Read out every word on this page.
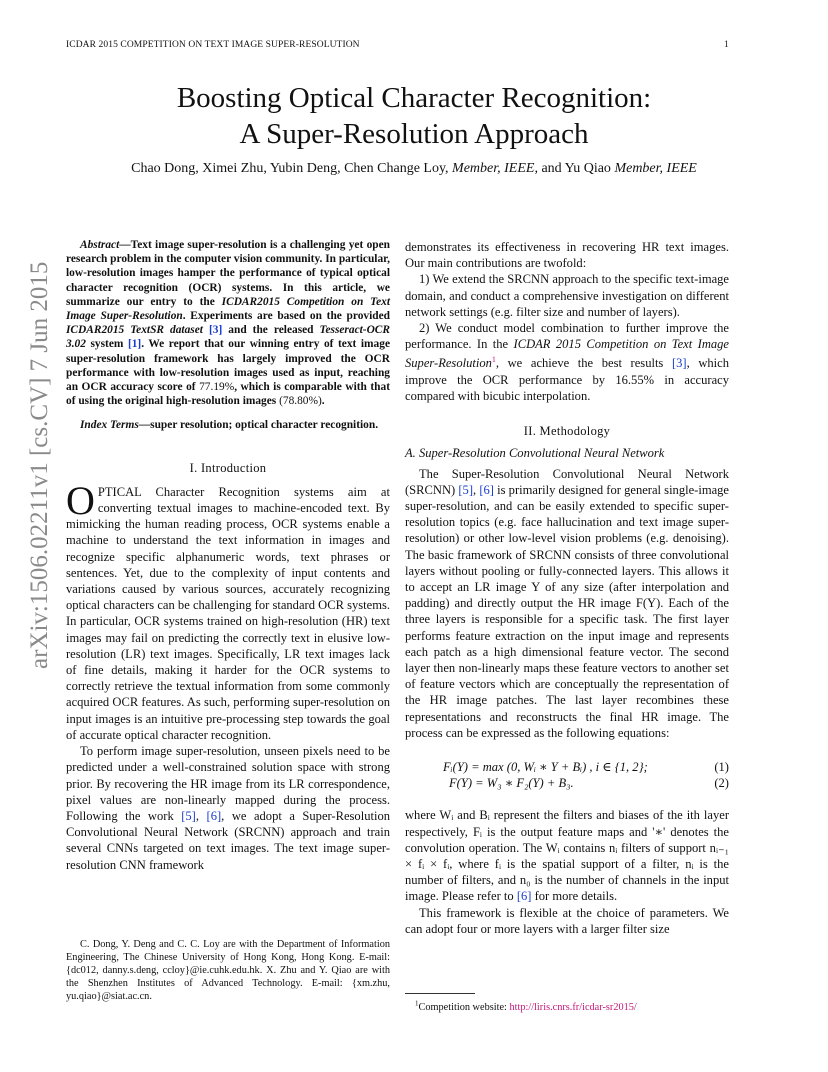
ICDAR 2015 COMPETITION ON TEXT IMAGE SUPER-RESOLUTION	1
arXiv:1506.02211v1 [cs.CV] 7 Jun 2015
Boosting Optical Character Recognition:
A Super-Resolution Approach
Chao Dong, Ximei Zhu, Yubin Deng, Chen Change Loy, Member, IEEE, and Yu Qiao Member, IEEE

Abstract—Text image super-resolution is a challenging yet open research problem in the computer vision community. In particular, low-resolution images hamper the performance of typical optical character recognition (OCR) systems. In this article, we summarize our entry to the ICDAR2015 Competition on Text Image Super-Resolution. Experiments are based on the provided ICDAR2015 TextSR dataset [3] and the released Tesseract-OCR 3.02 system [1]. We report that our winning entry of text image super-resolution framework has largely improved the OCR performance with low-resolution images used as input, reaching an OCR accuracy score of 77.19%, which is comparable with that of using the original high-resolution images (78.80%).

Index Terms—super resolution; optical character recognition.

I. Introduction

OPTICAL Character Recognition systems aim at converting textual images to machine-encoded text. By mimicking the human reading process, OCR systems enable a machine to understand the text information in images and recognize specific alphanumeric words, text phrases or sentences. Yet, due to the complexity of input contents and variations caused by various sources, accurately recognizing optical characters can be challenging for standard OCR systems. In particular, OCR systems trained on high-resolution (HR) text images may fail on predicting the correctly text in elusive low-resolution (LR) text images. Specifically, LR text images lack of fine details, making it harder for the OCR systems to correctly retrieve the textual information from some commonly acquired OCR features. As such, performing super-resolution on input images is an intuitive pre-processing step towards the goal of accurate optical character recognition.

To perform image super-resolution, unseen pixels need to be predicted under a well-constrained solution space with strong prior. By recovering the HR image from its LR correspondence, pixel values are non-linearly mapped during the process. Following the work [5], [6], we adopt a Super-Resolution Convolutional Neural Network (SRCNN) approach and train several CNNs targeted on text images. The text image super-resolution CNN framework

C. Dong, Y. Deng and C. C. Loy are with the Department of Information Engineering, The Chinese University of Hong Kong, Hong Kong. E-mail: {dc012, danny.s.deng, ccloy}@ie.cuhk.edu.hk. X. Zhu and Y. Qiao are with the Shenzhen Institutes of Advanced Technology. E-mail: {xm.zhu, yu.qiao}@siat.ac.cn.

demonstrates its effectiveness in recovering HR text images. Our main contributions are twofold:

1) We extend the SRCNN approach to the specific text-image domain, and conduct a comprehensive investigation on different network settings (e.g. filter size and number of layers).

2) We conduct model combination to further improve the performance. In the ICDAR 2015 Competition on Text Image Super-Resolution$^1$, we achieve the best results [3], which improve the OCR performance by 16.55% in accuracy compared with bicubic interpolation.

II. Methodology

A. Super-Resolution Convolutional Neural Network

The Super-Resolution Convolutional Neural Network (SRCNN) [5], [6] is primarily designed for general single-image super-resolution, and can be easily extended to specific super-resolution topics (e.g. face hallucination and text image super-resolution) or other low-level vision problems (e.g. denoising). The basic framework of SRCNN consists of three convolutional layers without pooling or fully-connected layers. This allows it to accept an LR image Y of any size (after interpolation and padding) and directly output the HR image F(Y). Each of the three layers is responsible for a specific task. The first layer performs feature extraction on the input image and represents each patch as a high dimensional feature vector. The second layer then non-linearly maps these feature vectors to another set of feature vectors which are conceptually the representation of the HR image patches. The last layer recombines these representations and reconstructs the final HR image. The process can be expressed as the following equations:

Fᵢ(Y) = max (0, Wᵢ ∗ Y + Bᵢ) , i ∈ {1, 2};	(1)
F(Y) = W₃ ∗ F₂(Y) + B₃.	(2)

where Wᵢ and Bᵢ represent the filters and biases of the ith layer respectively, Fᵢ is the output feature maps and '∗' denotes the convolution operation. The Wᵢ contains nᵢ filters of support nᵢ₋₁ × fᵢ × fᵢ, where fᵢ is the spatial support of a filter, nᵢ is the number of filters, and n₀ is the number of channels in the input image. Please refer to [6] for more details.

This framework is flexible at the choice of parameters. We can adopt four or more layers with a larger filter size

$^1$Competition website: http://liris.cnrs.fr/icdar-sr2015/
